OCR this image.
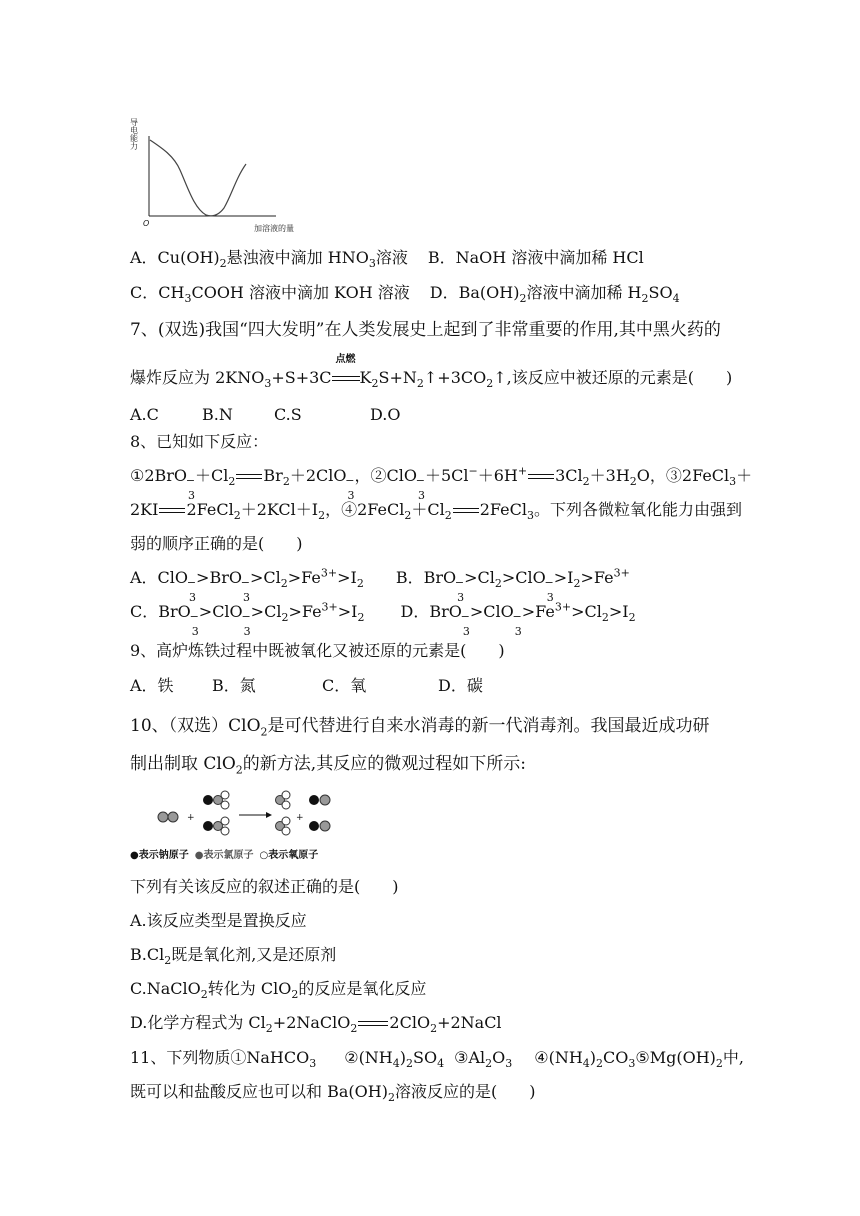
导电能力
O
加溶液的量
A．$Cu(OH)_2$悬浊液中滴加 $HNO_3$溶液 B．NaOH 溶液中滴加稀 HCl
C．$CH_3COOH$ 溶液中滴加 KOH 溶液 D．$Ba(OH)_2$溶液中滴加稀 $H_2SO_4$
7、(双选)我国“四大发明”在人类发展史上起到了非常重要的作用,其中黑火药的
爆炸反应为 $2KNO_3+S+3C$
点燃
$K_2S+N_2↑+3CO_2↑$,该反应中被还原的元素是(　　)
A.C	B.N	C.S	D.O
8、已知如下反应：
①2BrO
−
3
$+Cl_2$ $Br_2+2ClO$
−
3
，②ClO
−
3
＋5Cl−＋6H+ $3Cl_2+3H_2O$，③2FeCl$_3$＋
2KI $2FeCl_2+2KCl+I_2$，$④2FeCl_2+Cl_2$ 2FeCl$_3$。下列各微粒氧化能力由强到
弱的顺序正确的是(　　)
A．ClO
−
3
>BrO
−
3
$>Cl_2>Fe^{3+}>I_2$ B．BrO
−
3
$>Cl_2>ClO$
−
3
$>I_2>Fe^{3+}$
C．BrO
−
3
>ClO
−
3
$>Cl_2>Fe^{3+}>I_2$ D．BrO
−
3
>ClO
−
3
$>Fe^{3+}>Cl_2>I_2$
9、高炉炼铁过程中既被氧化又被还原的元素是(　　)
A．铁 B．氮	C．氧	D．碳
10、（双选）ClO$_2$是可代替进行自来水消毒的新一代消毒剂。我国最近成功研
制出制取 ClO$_2$的新方法,其反应的微观过程如下所示:
+	+
●表示钠原子 ●表示氯原子 ○表示氧原子
下列有关该反应的叙述正确的是(　　)
A.该反应类型是置换反应
$B.Cl_2$既是氧化剂,又是还原剂
C.NaClO$_2$转化为 ClO$_2$的反应是氧化反应
D.化学方程式为 $Cl_2+2NaClO_2$ 2ClO$_2$+2NaCl
11、下列物质①NaHCO$_3$ $②(NH_4)_2SO_4$ $③Al_2O_3$ $④(NH_4)_2CO_3⑤Mg(OH)_2$中,
既可以和盐酸反应也可以和 $Ba(OH)_2$溶液反应的是(　　)
